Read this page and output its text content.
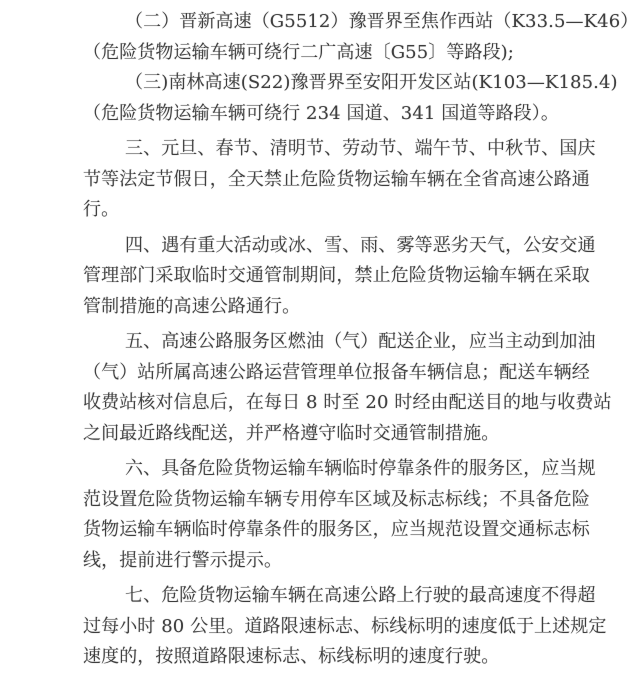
（二）晋新高速（G5512）豫晋界至焦作西站（K33.5—K46）
（危险货物运输车辆可绕行二广高速〔G55〕等路段);
（三)南林高速(S22)豫晋界至安阳开发区站(K103—K185.4)
（危险货物运输车辆可绕行 234 国道、341 国道等路段）。
三、元旦、春节、清明节、劳动节、端午节、中秋节、国庆
节等法定节假日，全天禁止危险货物运输车辆在全省高速公路通
行。
四、遇有重大活动或冰、雪、雨、雾等恶劣天气，公安交通
管理部门采取临时交通管制期间，禁止危险货物运输车辆在采取
管制措施的高速公路通行。
五、高速公路服务区燃油（气）配送企业，应当主动到加油
（气）站所属高速公路运营管理单位报备车辆信息；配送车辆经
收费站核对信息后，在每日 8 时至 20 时经由配送目的地与收费站
之间最近路线配送，并严格遵守临时交通管制措施。
六、具备危险货物运输车辆临时停靠条件的服务区，应当规
范设置危险货物运输车辆专用停车区域及标志标线；不具备危险
货物运输车辆临时停靠条件的服务区，应当规范设置交通标志标
线，提前进行警示提示。
七、危险货物运输车辆在高速公路上行驶的最高速度不得超
过每小时 80 公里。道路限速标志、标线标明的速度低于上述规定
速度的，按照道路限速标志、标线标明的速度行驶。
